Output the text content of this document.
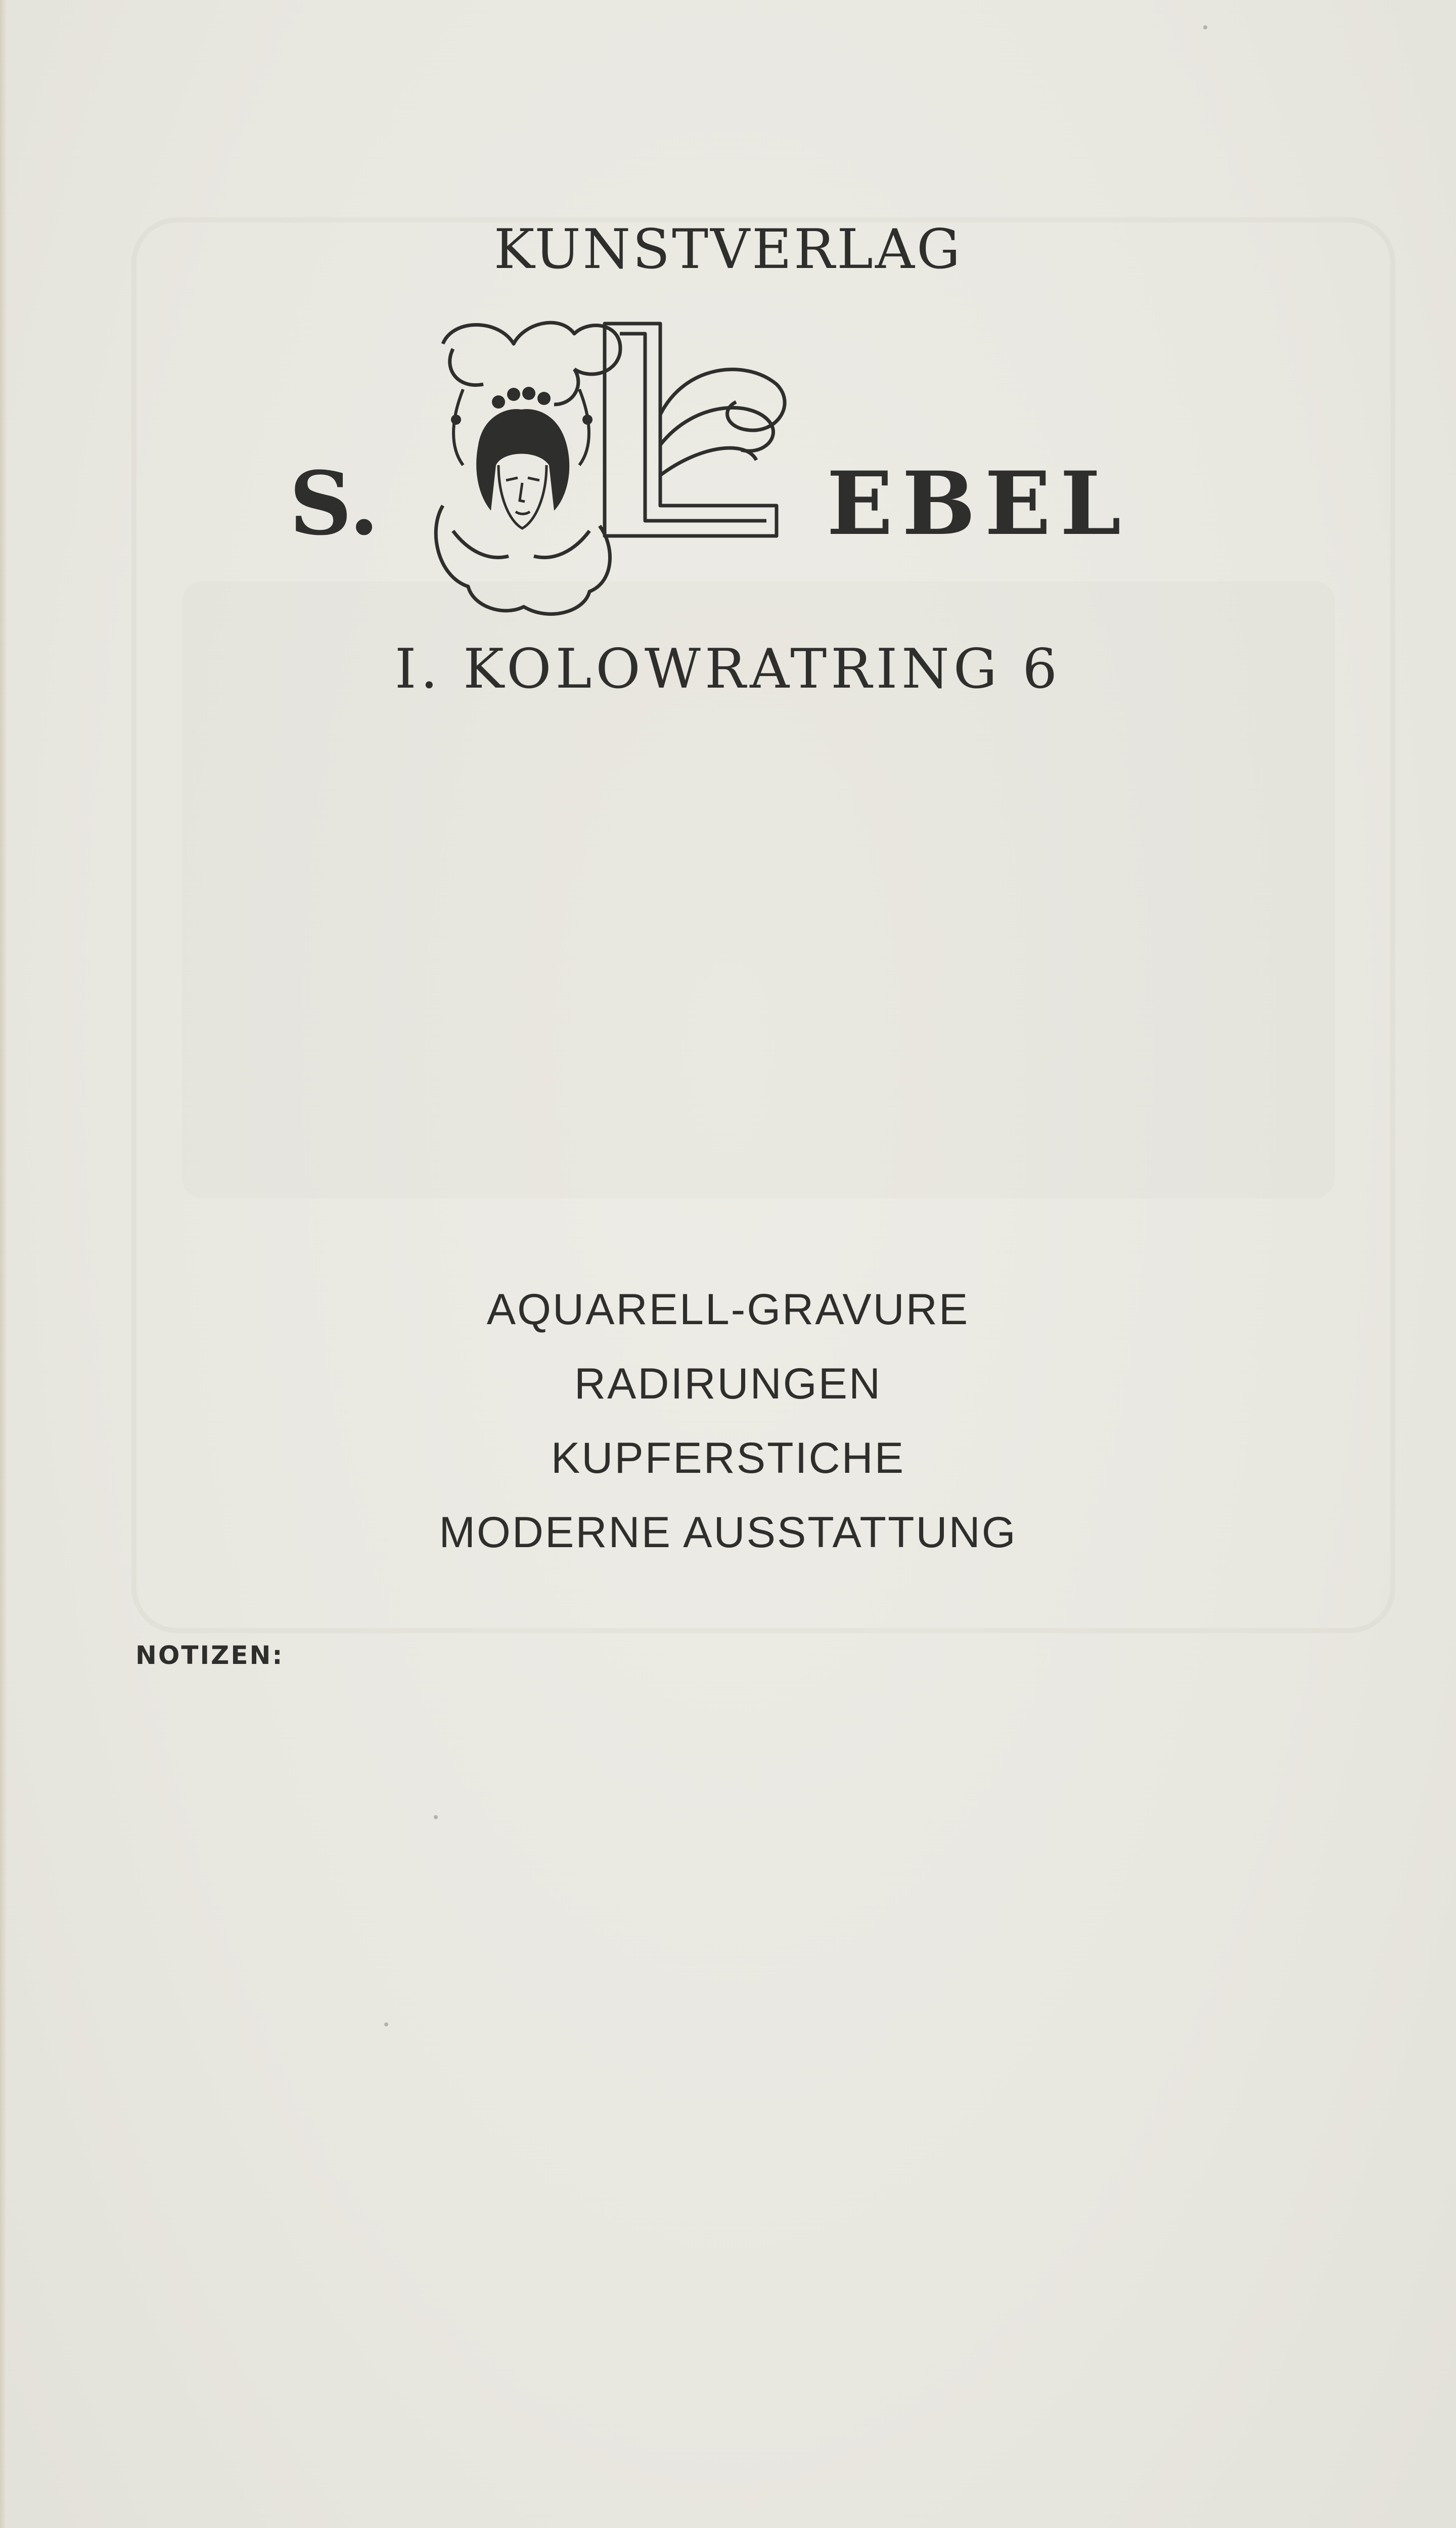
KUNSTVERLAG
S.	EBEL
I. KOLOWRATRING 6
AQUARELL-GRAVURE
RADIRUNGEN
KUPFERSTICHE
MODERNE AUSSTATTUNG
NOTIZEN:
